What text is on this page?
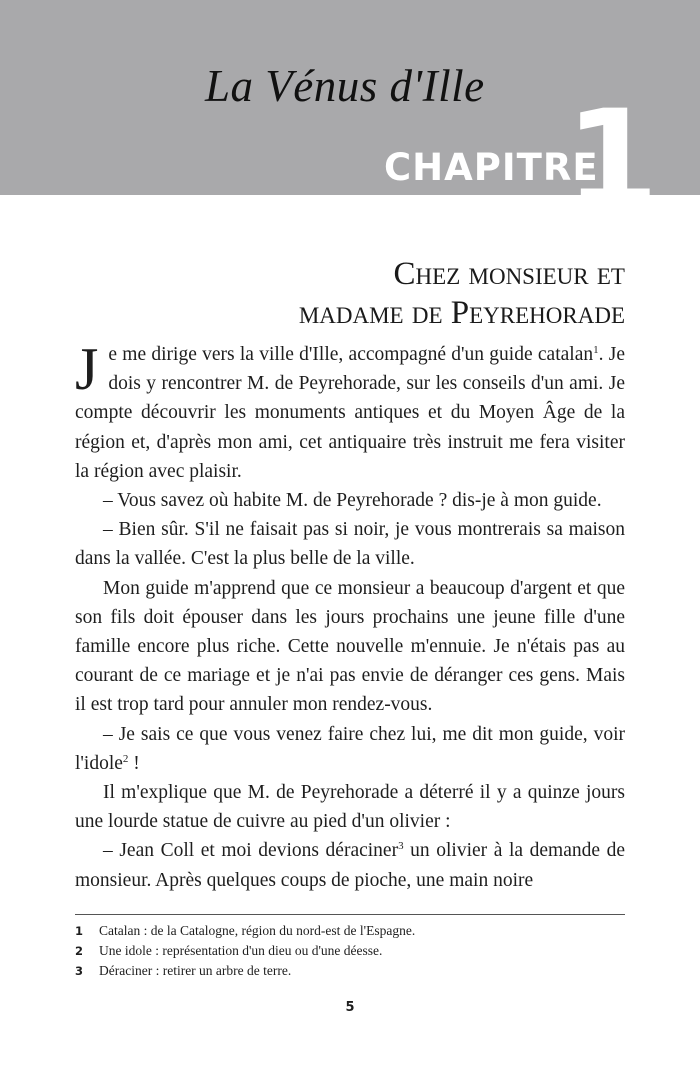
La Vénus d'Ille
CHAPITRE
1
Chez monsieur et
madame de Peyrehorade

Je me dirige vers la ville d'Ille, accompagné d'un guide catalan$^1$. Je dois y rencontrer M. de Peyrehorade, sur les conseils d'un ami. Je compte découvrir les monuments antiques et du Moyen Âge de la région et, d'après mon ami, cet antiquaire très instruit me fera visiter la région avec plaisir.

– Vous savez où habite M. de Peyrehorade ? dis-je à mon guide.

– Bien sûr. S'il ne faisait pas si noir, je vous montrerais sa maison dans la vallée. C'est la plus belle de la ville.

Mon guide m'apprend que ce monsieur a beaucoup d'argent et que son fils doit épouser dans les jours prochains une jeune fille d'une famille encore plus riche. Cette nouvelle m'ennuie. Je n'étais pas au courant de ce mariage et je n'ai pas envie de déranger ces gens. Mais il est trop tard pour annuler mon rendez-vous.

– Je sais ce que vous venez faire chez lui, me dit mon guide, voir l'idole$^2$ !

Il m'explique que M. de Peyrehorade a déterré il y a quinze jours une lourde statue de cuivre au pied d'un olivier :

– Jean Coll et moi devions déraciner$^3$ un olivier à la demande de monsieur. Après quelques coups de pioche, une main noire

1 Catalan : de la Catalogne, région du nord-est de l'Espagne.
2 Une idole : représentation d'un dieu ou d'une déesse.
3 Déraciner : retirer un arbre de terre.
5
